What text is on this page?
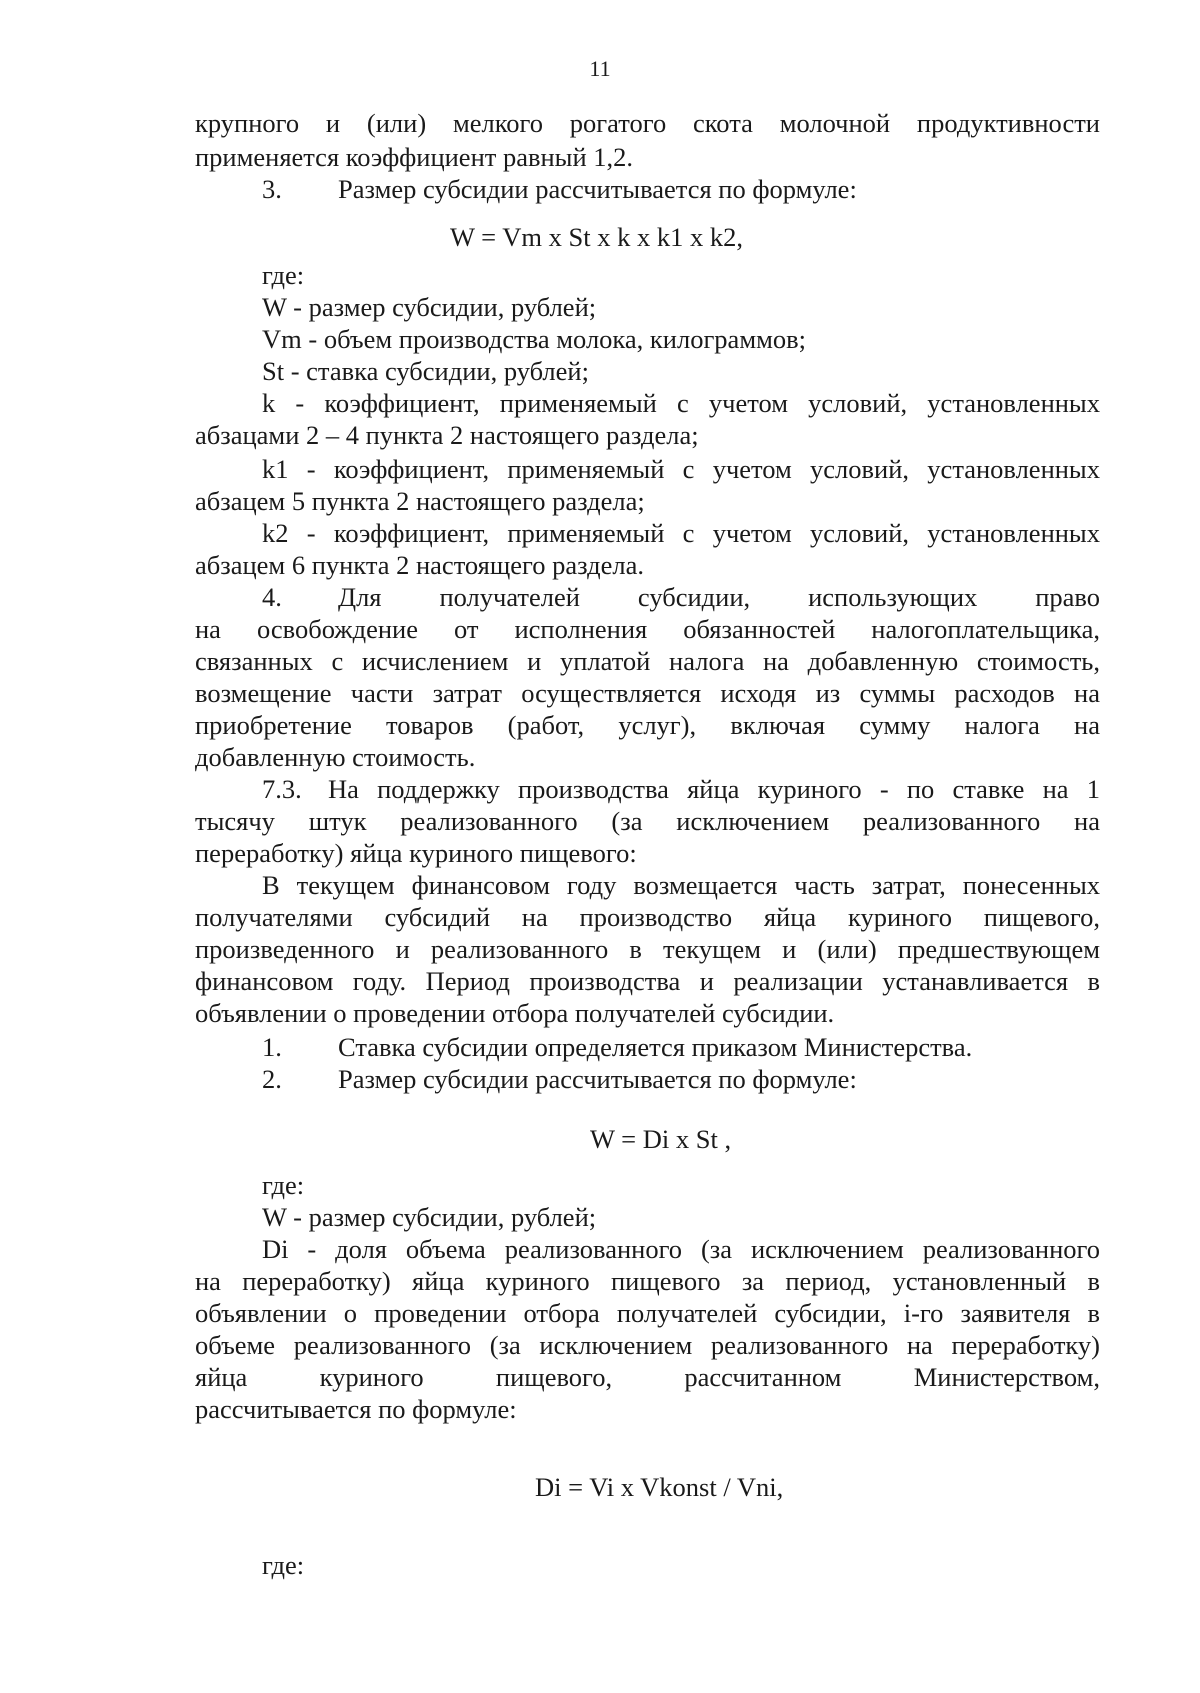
11
крупного и (или) мелкого рогатого скота молочной продуктивности
применяется коэффициент равный 1,2.
3. Размер субсидии рассчитывается по формуле:
W = Vm x St x k x k1 x k2,
где:
W - размер субсидии, рублей;
Vm - объем производства молока, килограммов;
St - ставка субсидии, рублей;
k - коэффициент, применяемый с учетом условий, установленных
абзацами 2 – 4 пункта 2 настоящего раздела;
k1 - коэффициент, применяемый с учетом условий, установленных
абзацем 5 пункта 2 настоящего раздела;
k2 - коэффициент, применяемый с учетом условий, установленных
абзацем 6 пункта 2 настоящего раздела.
4.	Для получателей субсидии, использующих право
на освобождение от исполнения обязанностей налогоплательщика,
связанных с исчислением и уплатой налога на добавленную стоимость,
возмещение части затрат осуществляется исходя из суммы расходов на
приобретение товаров (работ, услуг), включая сумму налога на
добавленную стоимость.
7.3. На поддержку производства яйца куриного - по ставке на 1
тысячу штук реализованного (за исключением реализованного на
переработку) яйца куриного пищевого:
В текущем финансовом году возмещается часть затрат, понесенных
получателями субсидий на производство яйца куриного пищевого,
произведенного и реализованного в текущем и (или) предшествующем
финансовом году. Период производства и реализации устанавливается в
объявлении о проведении отбора получателей субсидии.
1. Ставка субсидии определяется приказом Министерства.
2. Размер субсидии рассчитывается по формуле:
W = Di x St ,
где:
W - размер субсидии, рублей;
Di - доля объема реализованного (за исключением реализованного
на переработку) яйца куриного пищевого за период, установленный в
объявлении о проведении отбора получателей субсидии, i-го заявителя в
объеме реализованного (за исключением реализованного на переработку)
яйца куриного пищевого, рассчитанном Министерством,
рассчитывается по формуле:
Di = Vi x Vkonst / Vni,
где:
